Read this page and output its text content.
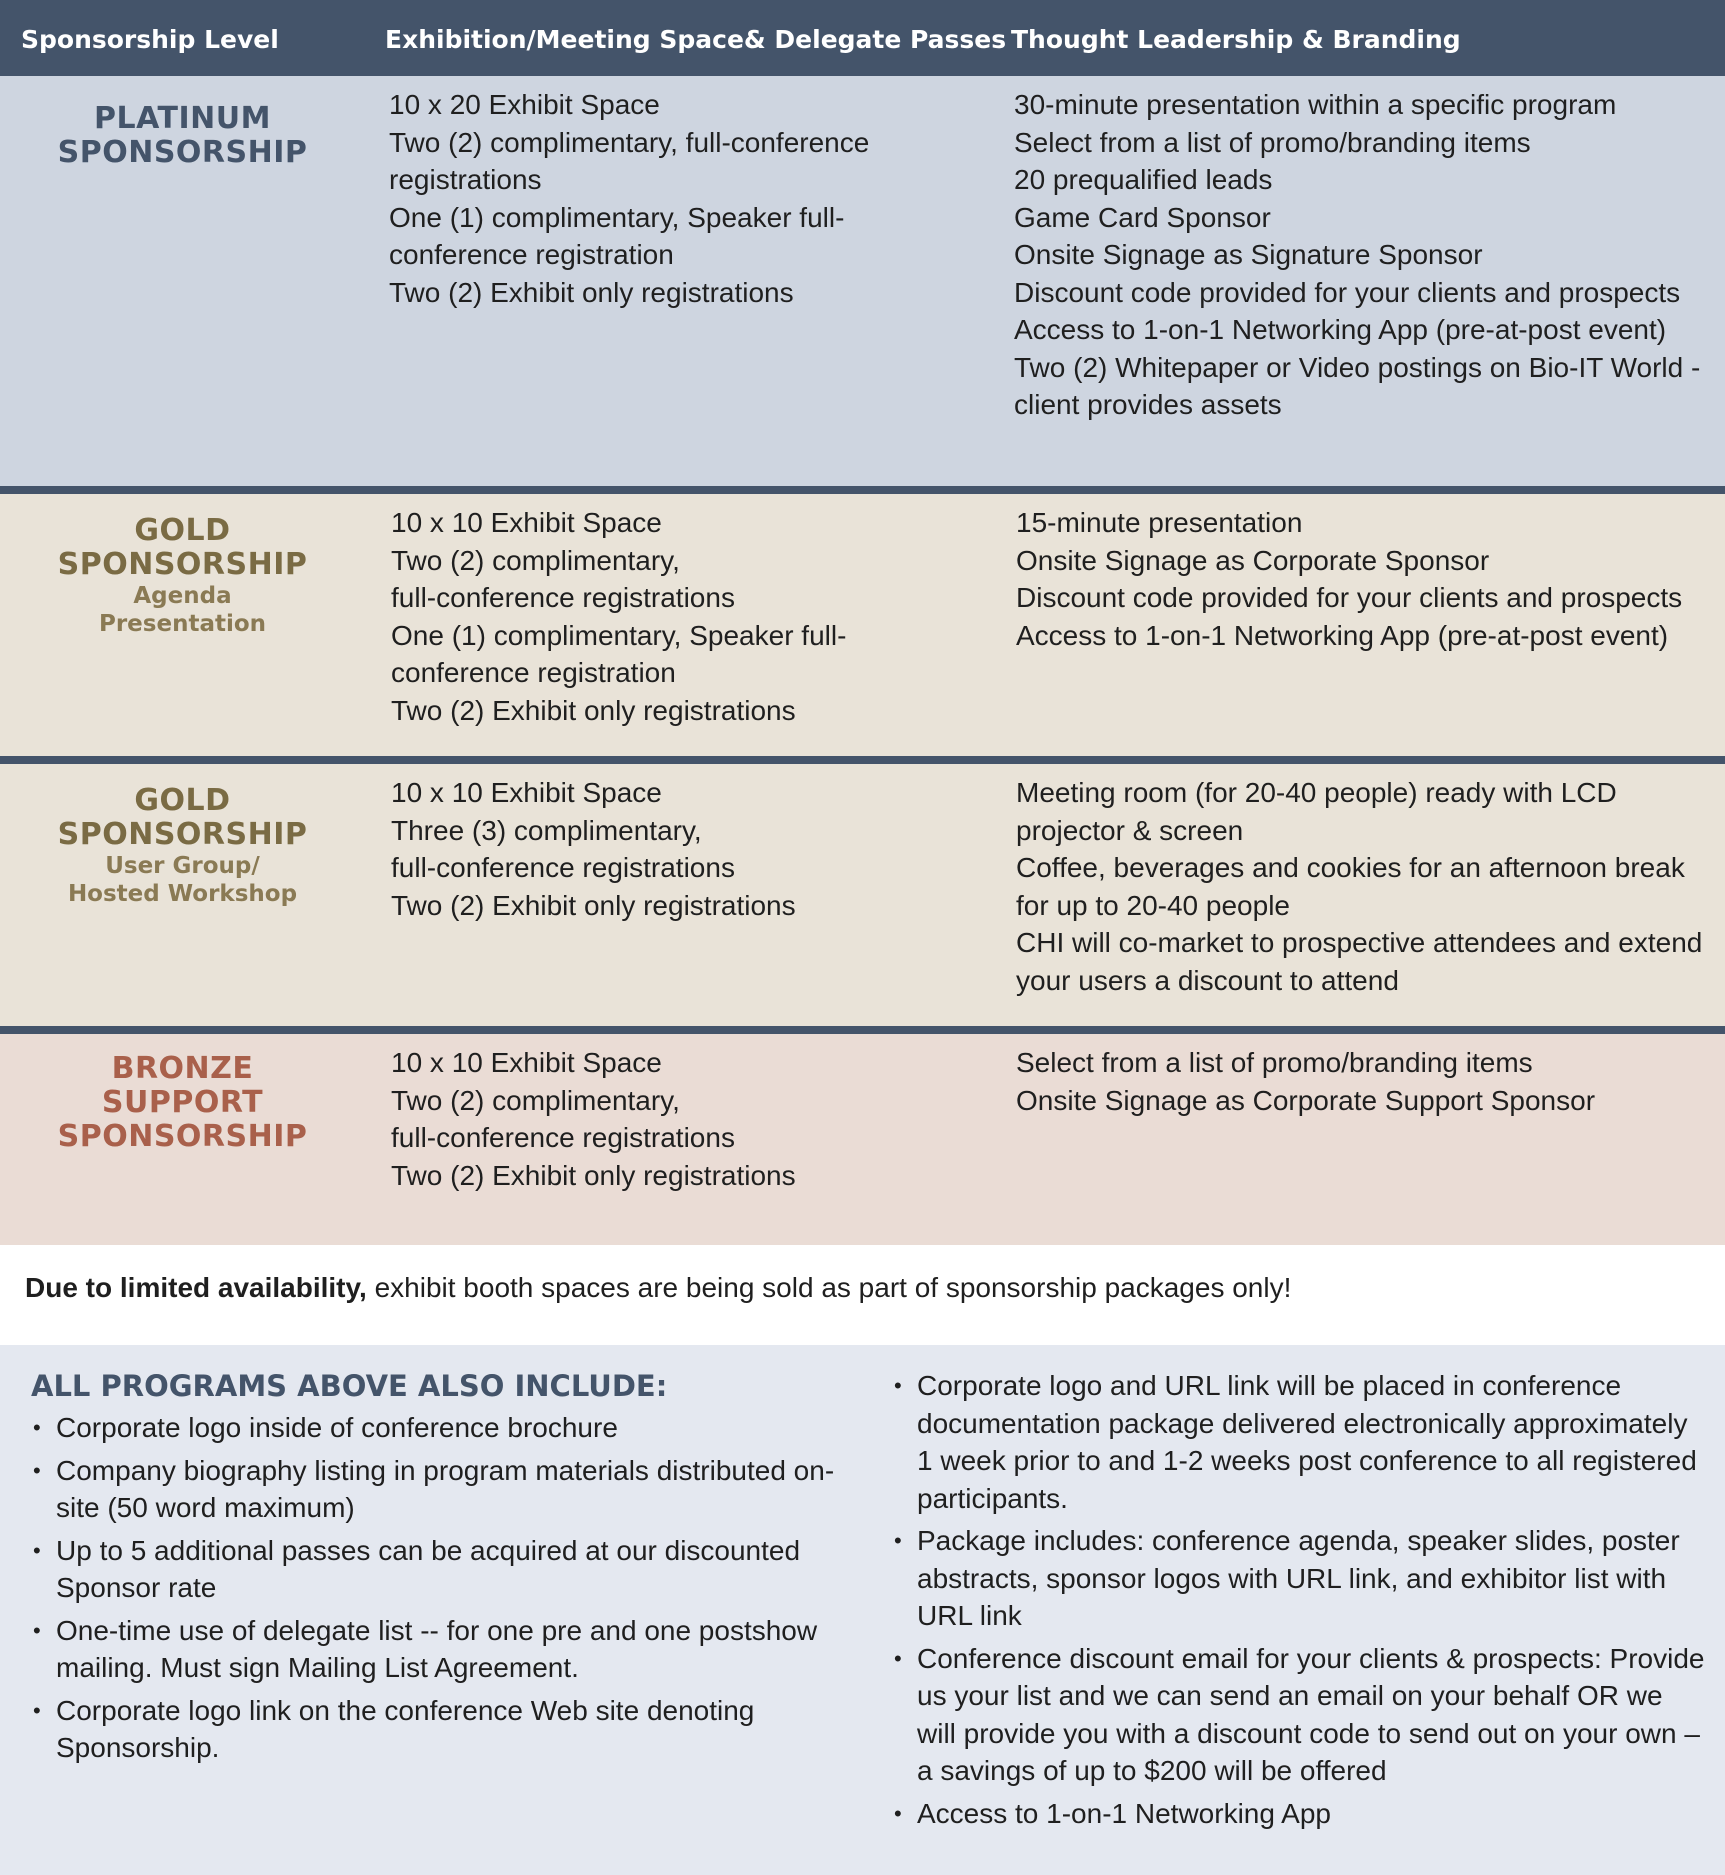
Sponsorship Level	Exhibition/Meeting Space& Delegate Passes Thought Leadership & Branding
PLATINUM
SPONSORSHIP
10 x 20 Exhibit Space
Two (2) complimentary, full-conference registrations
One (1) complimentary, Speaker full-conference registration
Two (2) Exhibit only registrations
30-minute presentation within a specific program
Select from a list of promo/branding items
20 prequalified leads
Game Card Sponsor
Onsite Signage as Signature Sponsor
Discount code provided for your clients and prospects
Access to 1-on-1 Networking App (pre-at-post event)
Two (2) Whitepaper or Video postings on Bio-IT World - client provides assets
GOLD
SPONSORSHIP
Agenda
Presentation
10 x 10 Exhibit Space
Two (2) complimentary,
full-conference registrations
One (1) complimentary, Speaker full-conference registration
Two (2) Exhibit only registrations
15-minute presentation
Onsite Signage as Corporate Sponsor
Discount code provided for your clients and prospects
Access to 1-on-1 Networking App (pre-at-post event)
GOLD
SPONSORSHIP
User Group/
Hosted Workshop
10 x 10 Exhibit Space
Three (3) complimentary,
full-conference registrations
Two (2) Exhibit only registrations
Meeting room (for 20-40 people) ready with LCD projector & screen
Coffee, beverages and cookies for an afternoon break for up to 20-40 people
CHI will co-market to prospective attendees and extend your users a discount to attend
BRONZE
SUPPORT
SPONSORSHIP
10 x 10 Exhibit Space
Two (2) complimentary,
full-conference registrations
Two (2) Exhibit only registrations
Select from a list of promo/branding items
Onsite Signage as Corporate Support Sponsor
Due to limited availability, exhibit booth spaces are being sold as part of sponsorship packages only!
ALL PROGRAMS ABOVE ALSO INCLUDE:
• Corporate logo inside of conference brochure
• Company biography listing in program materials distributed on-site (50 word maximum)
• Up to 5 additional passes can be acquired at our discounted Sponsor rate
• One-time use of delegate list -- for one pre and one postshow mailing. Must sign Mailing List Agreement.
• Corporate logo link on the conference Web site denoting Sponsorship.
• Corporate logo and URL link will be placed in conference documentation package delivered electronically approximately 1 week prior to and 1-2 weeks post conference to all registered participants.
• Package includes: conference agenda, speaker slides, poster abstracts, sponsor logos with URL link, and exhibitor list with URL link
• Conference discount email for your clients & prospects: Provide us your list and we can send an email on your behalf OR we will provide you with a discount code to send out on your own – a savings of up to $200 will be offered
• Access to 1-on-1 Networking App
